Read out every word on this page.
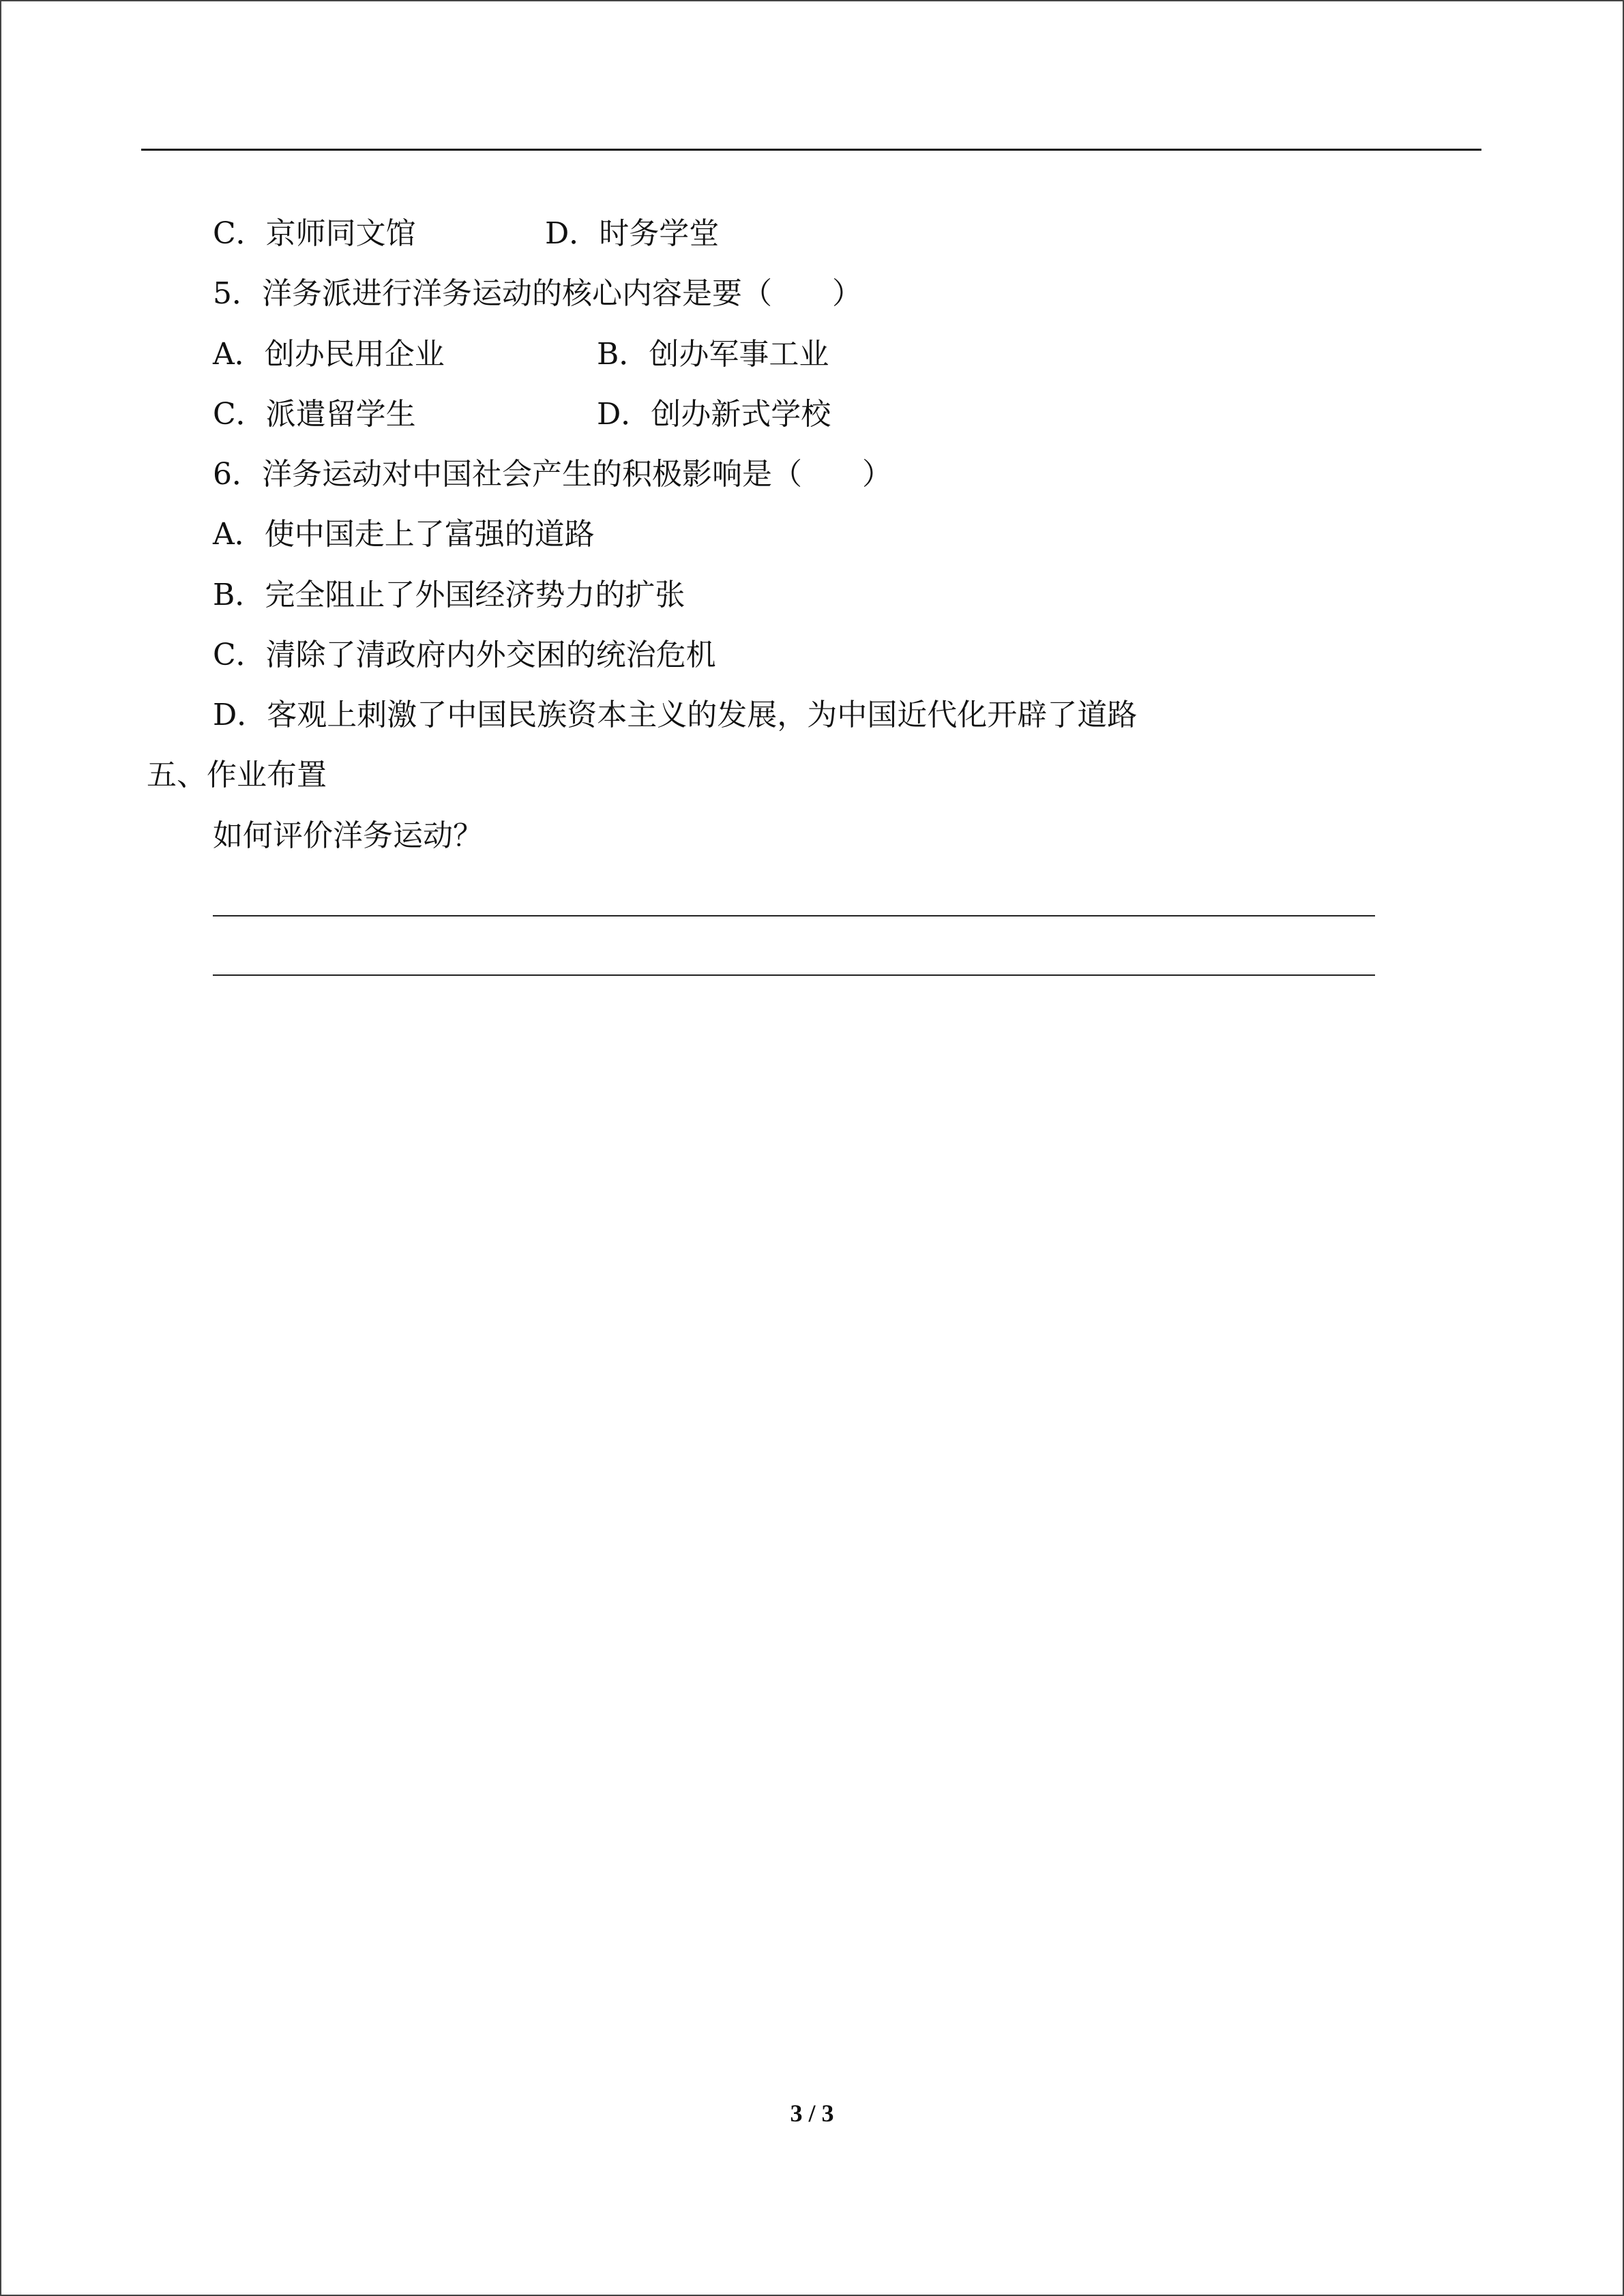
C．京师同文馆	D．时务学堂
5．洋务派进行洋务运动的核心内容是要（　　）
A．创办民用企业	B．创办军事工业
C．派遣留学生	D．创办新式学校
6．洋务运动对中国社会产生的积极影响是（　　）
A．使中国走上了富强的道路
B．完全阻止了外国经济势力的扩张
C．清除了清政府内外交困的统治危机
D．客观上刺激了中国民族资本主义的发展，为中国近代化开辟了道路
五、作业布置
如何评价洋务运动？
3 / 3
